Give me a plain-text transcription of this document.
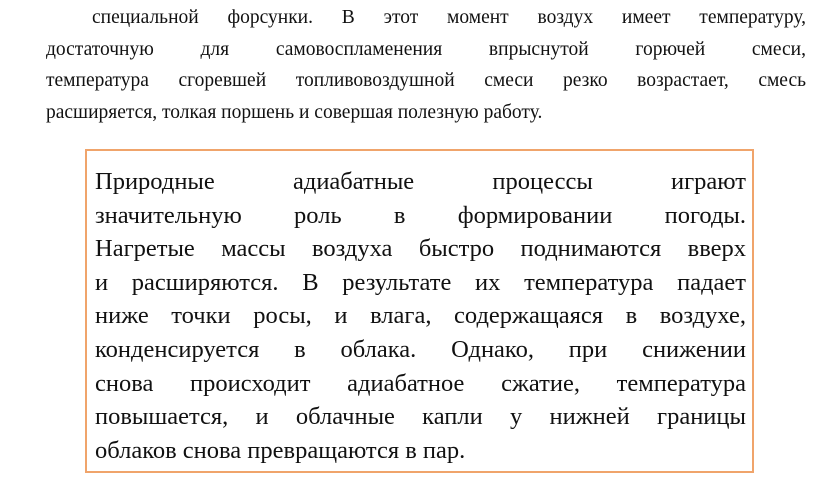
специальной форсунки. В этот момент воздух имеет температуру,
достаточную для самовоспламенения впрыснутой горючей смеси,
температура сгоревшей топливовоздушной смеси резко возрастает, смесь
расширяется, толкая поршень и совершая полезную работу.
Природные адиабатные процессы играют
значительную роль в формировании погоды.
Нагретые массы воздуха быстро поднимаются вверх
и расширяются. В результате их температура падает
ниже точки росы, и влага, содержащаяся в воздухе,
конденсируется в облака. Однако, при снижении
снова происходит адиабатное сжатие, температура
повышается, и облачные капли у нижней границы
облаков снова превращаются в пар.
